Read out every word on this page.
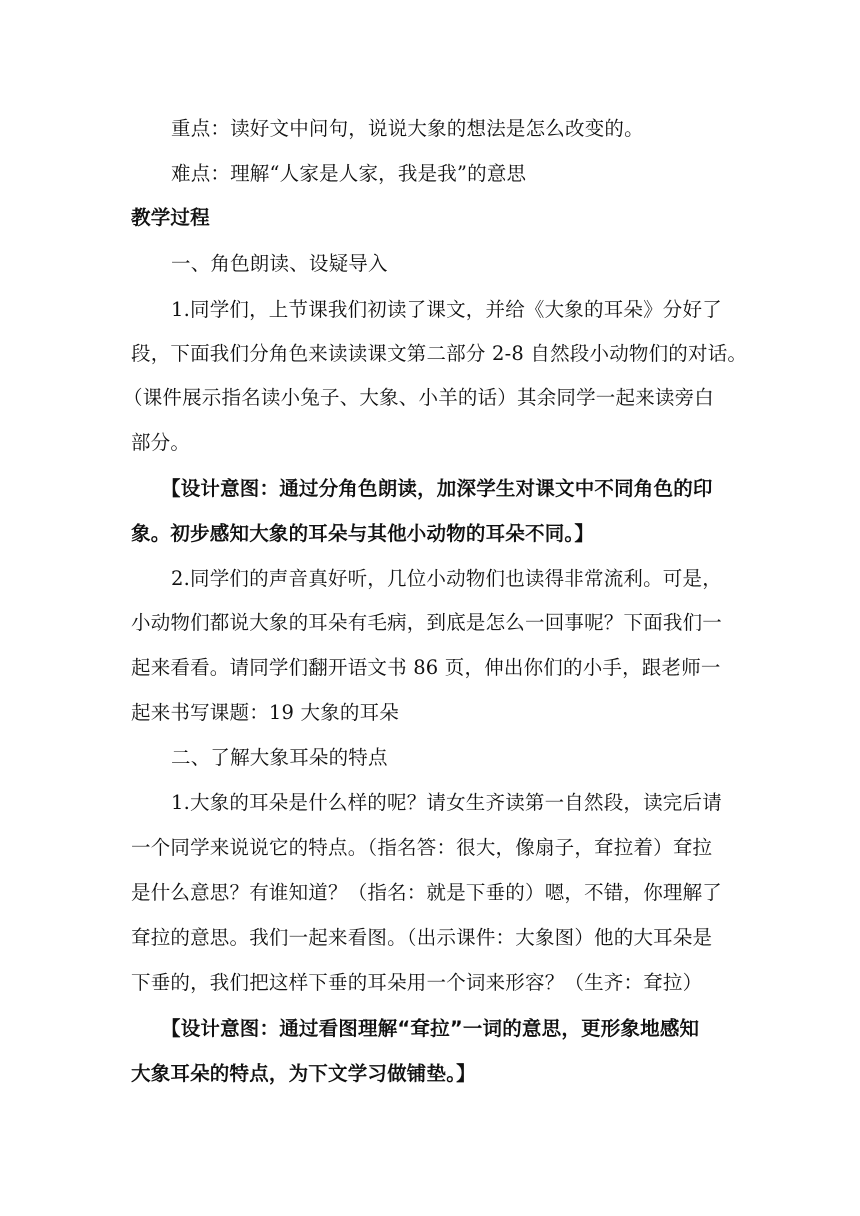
重点：读好文中问句，说说大象的想法是怎么改变的。
难点：理解“人家是人家，我是我”的意思
教学过程
一、角色朗读、设疑导入
1.同学们，上节课我们初读了课文，并给《大象的耳朵》分好了
段，下面我们分角色来读读课文第二部分 2-8 自然段小动物们的对话。
（课件展示指名读小兔子、大象、小羊的话）其余同学一起来读旁白
部分。
【设计意图：通过分角色朗读，加深学生对课文中不同角色的印
象。初步感知大象的耳朵与其他小动物的耳朵不同。】
2.同学们的声音真好听，几位小动物们也读得非常流利。可是，
小动物们都说大象的耳朵有毛病，到底是怎么一回事呢？下面我们一
起来看看。请同学们翻开语文书 86 页，伸出你们的小手，跟老师一
起来书写课题：19 大象的耳朵
二、了解大象耳朵的特点
1.大象的耳朵是什么样的呢？请女生齐读第一自然段，读完后请
一个同学来说说它的特点。（指名答：很大，像扇子，耷拉着）耷拉
是什么意思？有谁知道？（指名：就是下垂的）嗯，不错，你理解了
耷拉的意思。我们一起来看图。（出示课件：大象图）他的大耳朵是
下垂的，我们把这样下垂的耳朵用一个词来形容？（生齐：耷拉）
【设计意图：通过看图理解“耷拉”一词的意思，更形象地感知
大象耳朵的特点，为下文学习做铺垫。】
